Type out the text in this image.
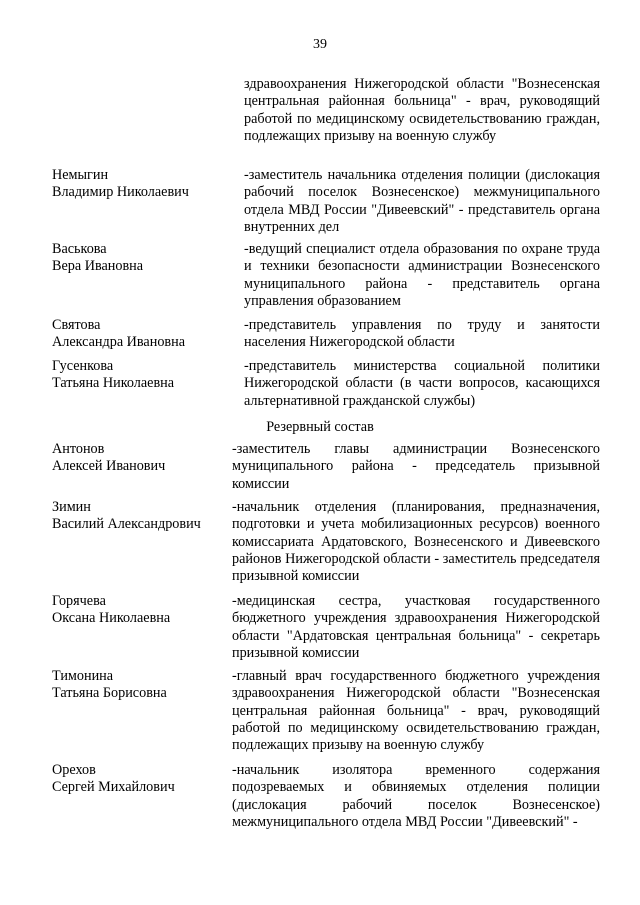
39
здравоохранения Нижегородской области "Вознесенская центральная районная больница" - врач, руководящий работой по медицинскому освидетельствованию граждан, подлежащих призыву на военную службу
Немыгин
Владимир Николаевич
-заместитель начальника отделения полиции (дислокация рабочий поселок Вознесенское) межмуниципального отдела МВД России "Дивеевский" - представитель органа внутренних дел
Васькова
Вера Ивановна
-ведущий специалист отдела образования по охране труда и техники безопасности администрации Вознесенского муниципального района - представитель органа управления образованием
Святова
Александра Ивановна
-представитель управления по труду и занятости населения Нижегородской области
Гусенкова
Татьяна Николаевна
-представитель министерства социальной политики Нижегородской области (в части вопросов, касающихся альтернативной гражданской службы)
Резервный состав
Антонов
Алексей Иванович
-заместитель главы администрации Вознесенского муниципального района - председатель призывной комиссии
Зимин
Василий Александрович
-начальник отделения (планирования, предназначения, подготовки и учета мобилизационных ресурсов) военного комиссариата Ардатовского, Вознесенского и Дивеевского районов Нижегородской области - заместитель председателя призывной комиссии
Горячева
Оксана Николаевна
-медицинская сестра, участковая государственного бюджетного учреждения здравоохранения Нижегородской области "Ардатовская центральная больница" - секретарь призывной комиссии
Тимонина
Татьяна Борисовна
-главный врач государственного бюджетного учреждения здравоохранения Нижегородской области "Вознесенская центральная районная больница" - врач, руководящий работой по медицинскому освидетельствованию граждан, подлежащих призыву на военную службу
Орехов
Сергей Михайлович
-начальник изолятора временного содержания подозреваемых и обвиняемых отделения полиции (дислокация рабочий поселок Вознесенское) межмуниципального отдела МВД России "Дивеевский" -
